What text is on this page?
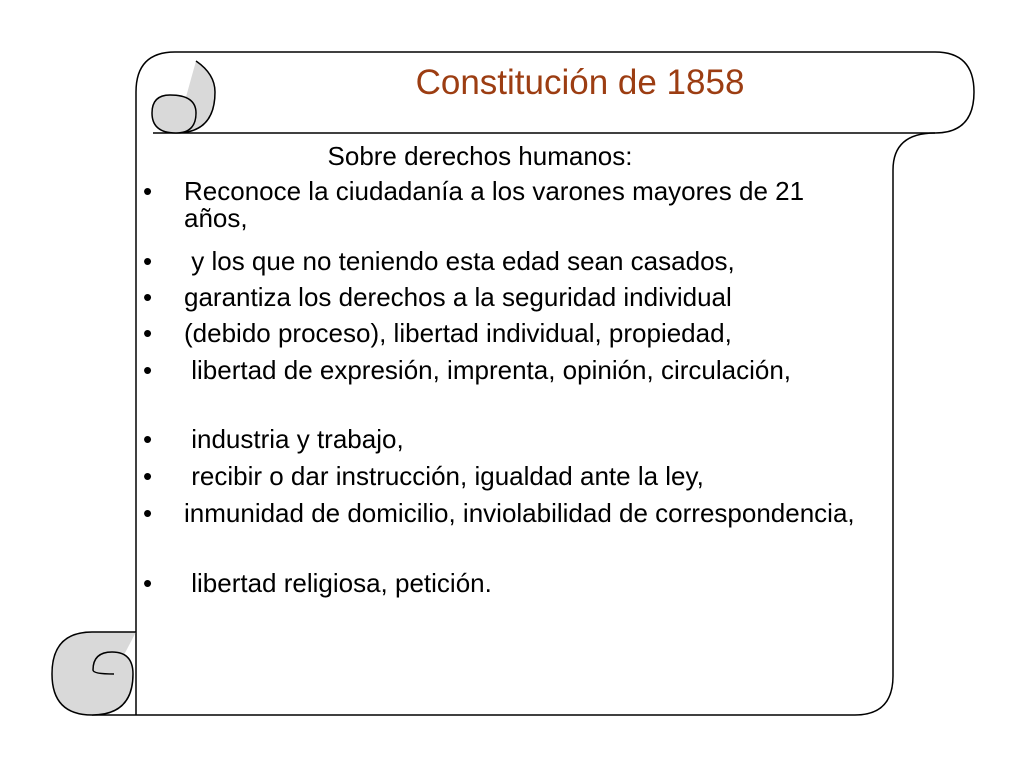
Constitución de 1858
Sobre derechos humanos:
• Reconoce la ciudadanía a los varones mayores de 21 años,
• y los que no teniendo esta edad sean casados,
• garantiza los derechos a la seguridad individual
• (debido proceso), libertad individual, propiedad,
• libertad de expresión, imprenta, opinión, circulación,
• industria y trabajo,
• recibir o dar instrucción, igualdad ante la ley,
• inmunidad de domicilio, inviolabilidad de correspondencia,
• libertad religiosa, petición.
